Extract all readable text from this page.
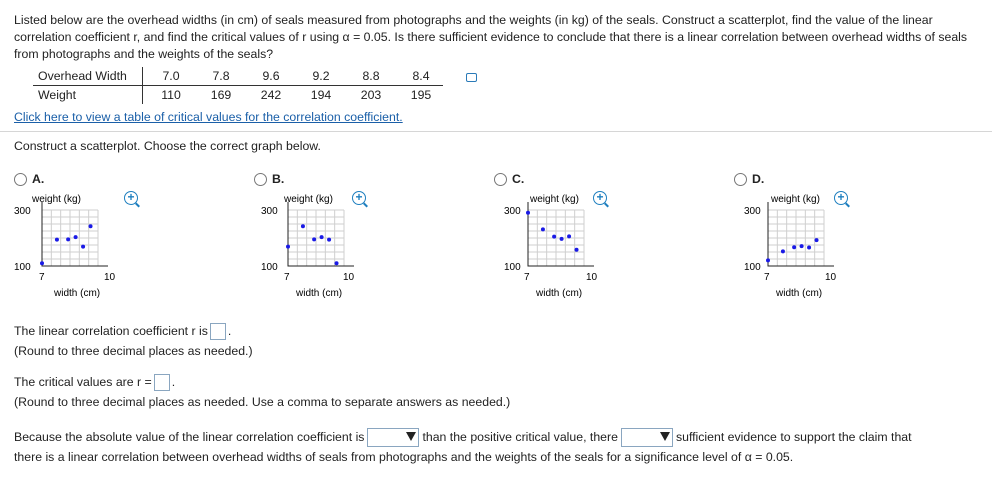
Listed below are the overhead widths (in cm) of seals measured from photographs and the weights (in kg) of the seals. Construct a scatterplot, find the value of the linear correlation coefficient r, and find the critical values of r using α = 0.05. Is there sufficient evidence to conclude that there is a linear correlation between overhead widths of seals from photographs and the weights of the seals?
Overhead Width	7.0	7.8	9.6	9.2	8.8	8.4
Weight	110	169	242	194	203	195
Click here to view a table of critical values for the correlation coefficient.
Construct a scatterplot. Choose the correct graph below.
A.
weight (kg)
300
100
7	10
width (cm)
+
B.
weight (kg)
300
100
7	10
width (cm)
+
C.
weight (kg)
300
100
7	10
width (cm)
+
D.
weight (kg)
300
100
7	10
width (cm)
+
The linear correlation coefficient r is .
(Round to three decimal places as needed.)
The critical values are r = .
(Round to three decimal places as needed. Use a comma to separate answers as needed.)
Because the absolute value of the linear correlation coefficient is	than the positive critical value, there	sufficient evidence to support the claim that
there is a linear correlation between overhead widths of seals from photographs and the weights of the seals for a significance level of α = 0.05.
